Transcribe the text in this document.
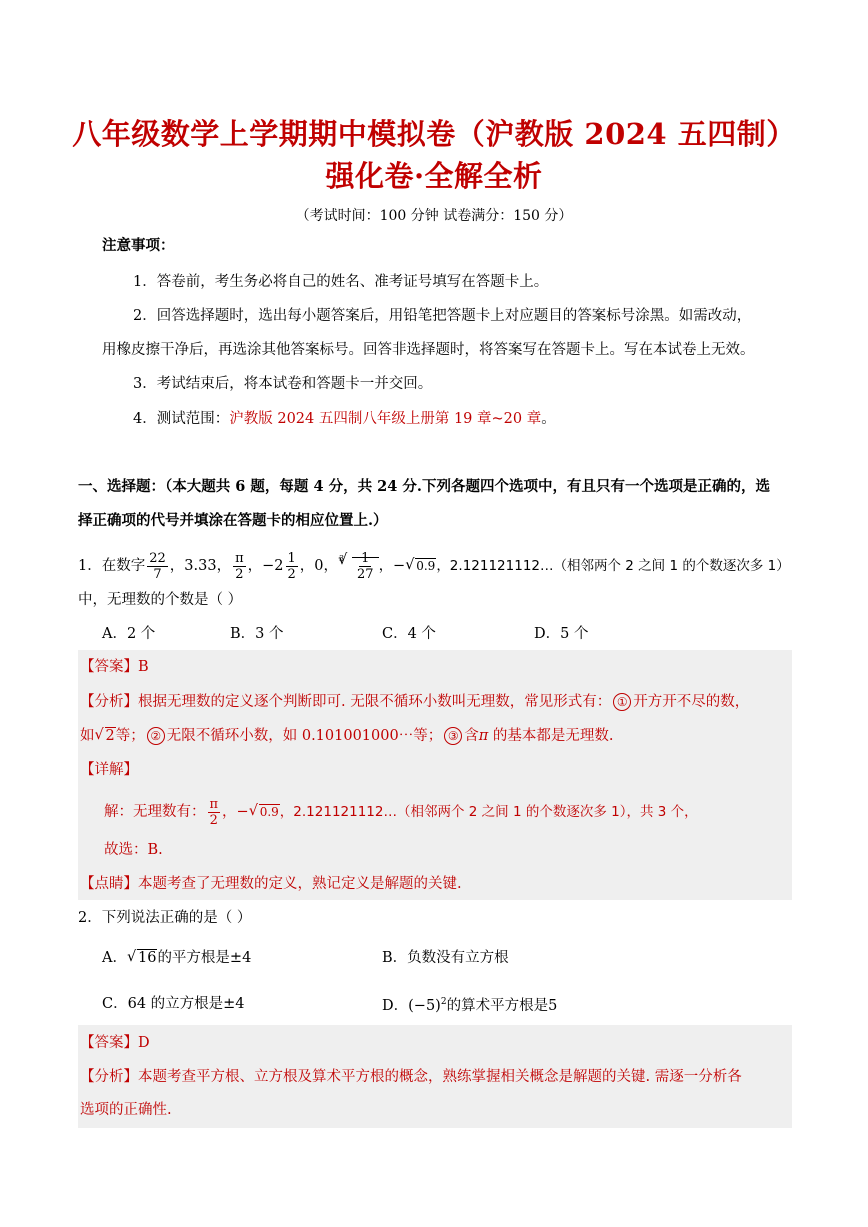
八年级数学上学期期中模拟卷（沪教版 2024 五四制）
强化卷·全解全析
（考试时间：100 分钟 试卷满分：150 分）
注意事项：
1．答卷前，考生务必将自己的姓名、准考证号填写在答题卡上。
2．回答选择题时，选出每小题答案后，用铅笔把答题卡上对应题目的答案标号涂黑。如需改动，
用橡皮擦干净后，再选涂其他答案标号。回答非选择题时，将答案写在答题卡上。写在本试卷上无效。
3．考试结束后，将本试卷和答题卡一并交回。
4．测试范围：沪教版 2024 五四制八年级上册第 19 章~20 章。
一、选择题：（本大题共 6 题，每题 4 分，共 24 分.下列各题四个选项中，有且只有一个选项是正确的，选
择正确项的代号并填涂在答题卡的相应位置上.）
1．在数字 $\frac{22}{7}$ ，3.33， $\frac{\pi}{2}$ ，$-2 \frac{1}{2}$ ，0， √ $3 \frac{1}{27}$ ，− √ 0.9 ，2.121121112…（相邻两个 2 之间 1 的个数逐次多 1）
中，无理数的个数是（ ）
A．2 个	B．3 个	C．4 个	D．5 个
【答案】B
【分析】根据无理数的定义逐个判断即可. 无限不循环小数叫无理数，常见形式有： ① 开方开不尽的数，
如 √ 2等； ② 无限不循环小数，如 0.101001000⋯等； ③ 含π 的基本都是无理数.
【详解】
解：无理数有： $\frac{\pi}{2}$ ，− √ 0.9 ，2.121121112…（相邻两个 2 之间 1 的个数逐次多 1），共 3 个，
故选：B.
【点睛】本题考查了无理数的定义，熟记定义是解题的关键.
2．下列说法正确的是（ ）
A． √ 16的平方根是±4	B．负数没有立方根
C．64 的立方根是±4	D．$(-5)^2$的算术平方根是5
【答案】D
【分析】本题考查平方根、立方根及算术平方根的概念，熟练掌握相关概念是解题的关键. 需逐一分析各
选项的正确性.
